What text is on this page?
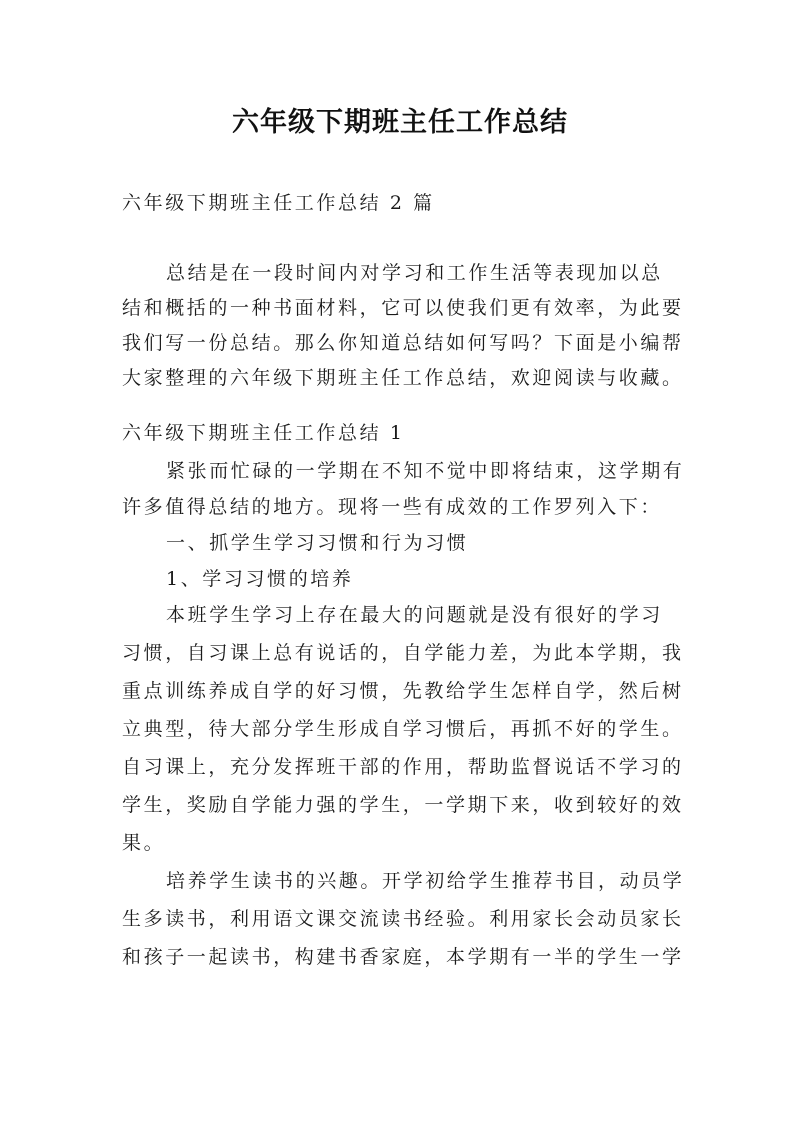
六年级下期班主任工作总结
六年级下期班主任工作总结 2 篇
总结是在一段时间内对学习和工作生活等表现加以总
结和概括的一种书面材料，它可以使我们更有效率，为此要
我们写一份总结。那么你知道总结如何写吗？下面是小编帮
大家整理的六年级下期班主任工作总结，欢迎阅读与收藏。
六年级下期班主任工作总结 1
紧张而忙碌的一学期在不知不觉中即将结束，这学期有
许多值得总结的地方。现将一些有成效的工作罗列入下：
一、抓学生学习习惯和行为习惯
1、学习习惯的培养
本班学生学习上存在最大的问题就是没有很好的学习
习惯，自习课上总有说话的，自学能力差，为此本学期，我
重点训练养成自学的好习惯，先教给学生怎样自学，然后树
立典型，待大部分学生形成自学习惯后，再抓不好的学生。
自习课上，充分发挥班干部的作用，帮助监督说话不学习的
学生，奖励自学能力强的学生，一学期下来，收到较好的效
果。
培养学生读书的兴趣。开学初给学生推荐书目，动员学
生多读书，利用语文课交流读书经验。利用家长会动员家长
和孩子一起读书，构建书香家庭，本学期有一半的学生一学
